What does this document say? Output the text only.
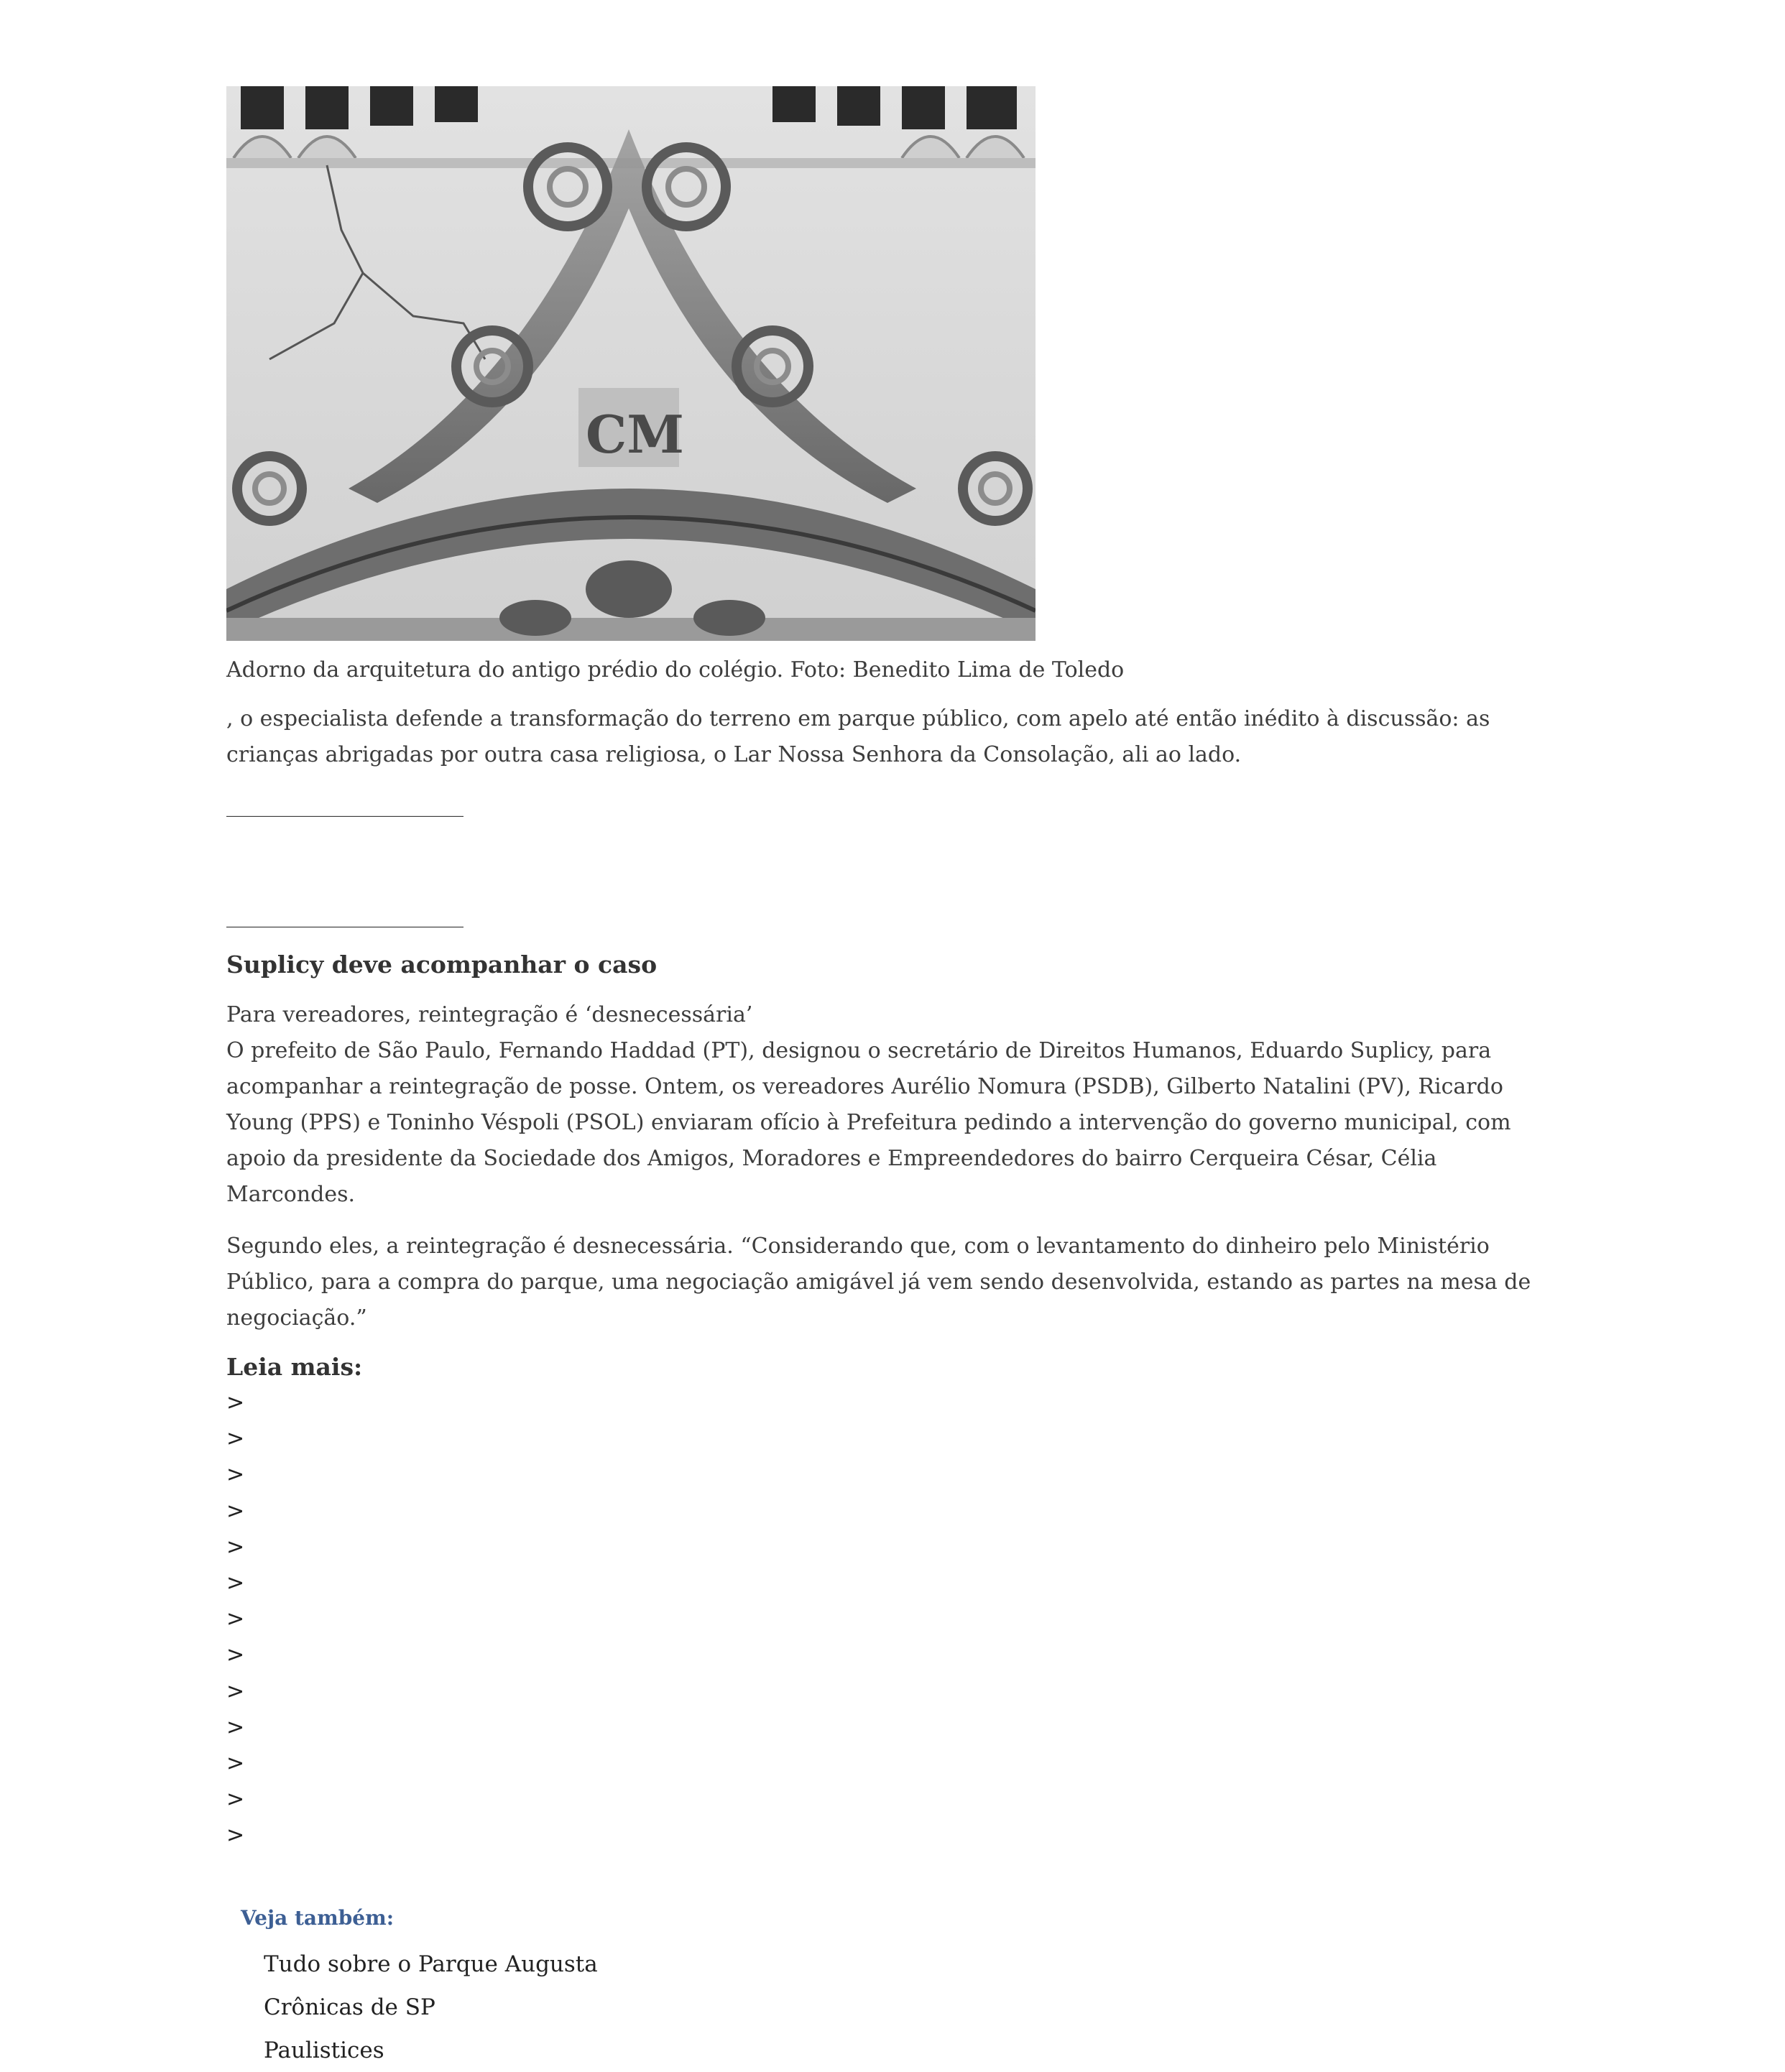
CM
Adorno da arquitetura do antigo prédio do colégio. Foto: Benedito Lima de Toledo
, o especialista defende a transformação do terreno em parque público, com apelo até então inédito à discussão: as crianças abrigadas por outra casa religiosa, o Lar Nossa Senhora da Consolação, ali ao lado.
______________________
______________________
Suplicy deve acompanhar o caso
Para vereadores, reintegração é ‘desnecessária’
O prefeito de São Paulo, Fernando Haddad (PT), designou o secretário de Direitos Humanos, Eduardo Suplicy, para acompanhar a reintegração de posse. Ontem, os vereadores Aurélio Nomura (PSDB), Gilberto Natalini (PV), Ricardo Young (PPS) e Toninho Véspoli (PSOL) enviaram ofício à Prefeitura pedindo a intervenção do governo municipal, com apoio da presidente da Sociedade dos Amigos, Moradores e Empreendedores do bairro Cerqueira César, Célia Marcondes.
Segundo eles, a reintegração é desnecessária. “Considerando que, com o levantamento do dinheiro pelo Ministério Público, para a compra do parque, uma negociação amigável já vem sendo desenvolvida, estando as partes na mesa de negociação.”
Leia mais:
>
>
>
>
>
>
>
>
>
>
>
>
>
Veja também:
Tudo sobre o Parque Augusta
Crônicas de SP
Paulistices
